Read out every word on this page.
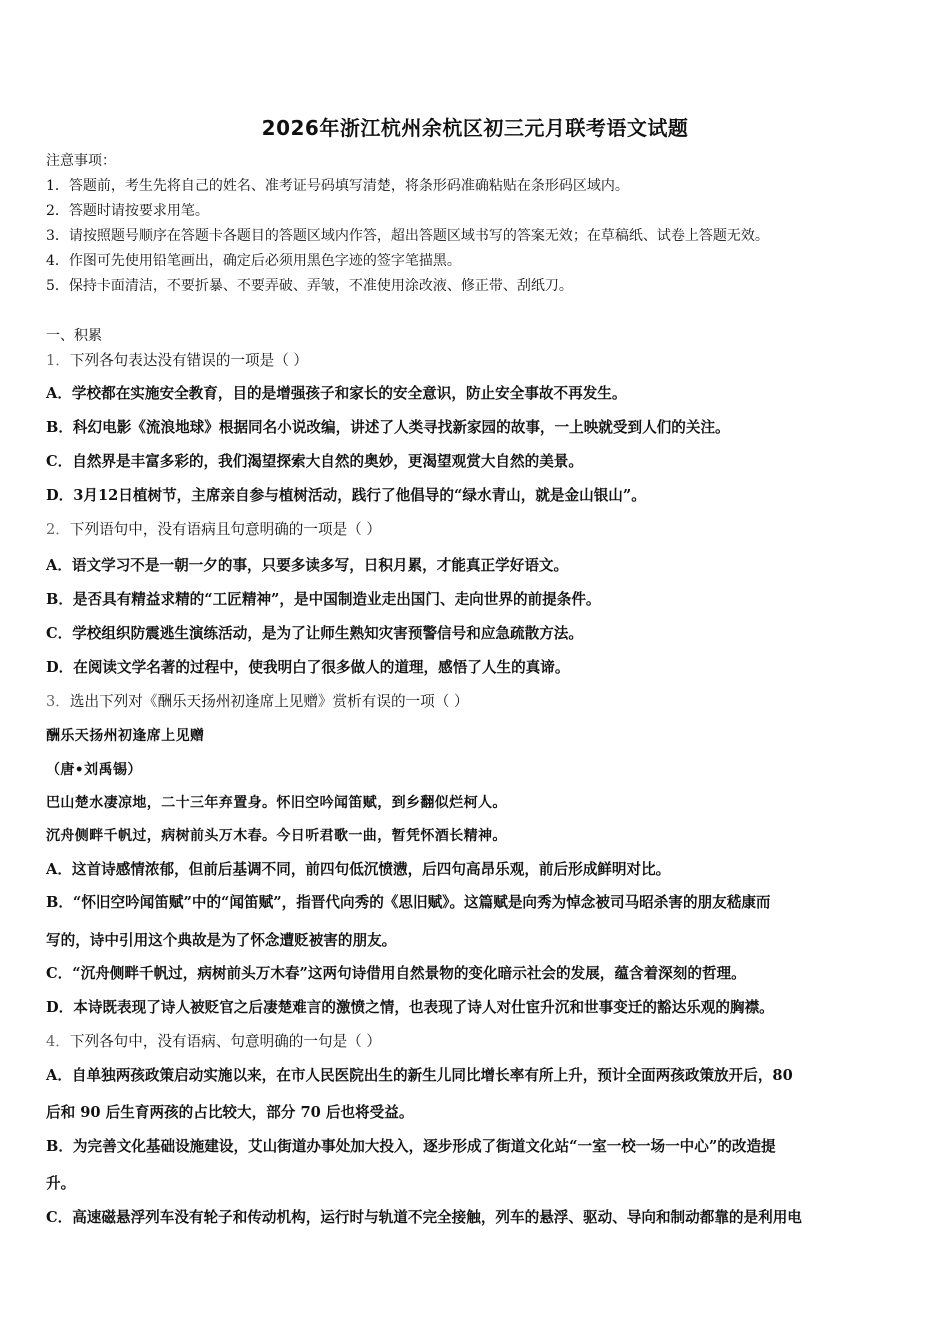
2026年浙江杭州余杭区初三元月联考语文试题
注意事项：
1．答题前，考生先将自己的姓名、准考证号码填写清楚，将条形码准确粘贴在条形码区域内。
2．答题时请按要求用笔。
3．请按照题号顺序在答题卡各题目的答题区域内作答，超出答题区域书写的答案无效；在草稿纸、试卷上答题无效。
4．作图可先使用铅笔画出，确定后必须用黑色字迹的签字笔描黑。
5．保持卡面清洁，不要折暴、不要弄破、弄皱，不准使用涂改液、修正带、刮纸刀。
一、积累
1．下列各句表达没有错误的一项是（ ）
A．学校都在实施安全教育，目的是增强孩子和家长的安全意识，防止安全事故不再发生。
B．科幻电影《流浪地球》根据同名小说改编，讲述了人类寻找新家园的故事，一上映就受到人们的关注。
C．自然界是丰富多彩的，我们渴望探索大自然的奥妙，更渴望观赏大自然的美景。
D．3月12日植树节，主席亲自参与植树活动，践行了他倡导的“绿水青山，就是金山银山”。
2．下列语句中，没有语病且句意明确的一项是（ ）
A．语文学习不是一朝一夕的事，只要多读多写，日积月累，才能真正学好语文。
B．是否具有精益求精的“工匠精神”，是中国制造业走出国门、走向世界的前提条件。
C．学校组织防震逃生演练活动，是为了让师生熟知灾害预警信号和应急疏散方法。
D．在阅读文学名著的过程中，使我明白了很多做人的道理，感悟了人生的真谛。
3．选出下列对《酬乐天扬州初逢席上见赠》赏析有误的一项（ ）
酬乐天扬州初逢席上见赠
（唐•刘禹锡）
巴山楚水凄凉地，二十三年弃置身。怀旧空吟闻笛赋，到乡翻似烂柯人。
沉舟侧畔千帆过，病树前头万木春。今日听君歌一曲，暂凭怀酒长精神。
A．这首诗感情浓郁，但前后基调不同，前四句低沉愤懑，后四句高昂乐观，前后形成鲜明对比。
B．“怀旧空吟闻笛赋”中的“闻笛赋”，指晋代向秀的《思旧赋》。这篇赋是向秀为悼念被司马昭杀害的朋友嵇康而
写的，诗中引用这个典故是为了怀念遭贬被害的朋友。
C．“沉舟侧畔千帆过，病树前头万木春”这两句诗借用自然景物的变化暗示社会的发展，蕴含着深刻的哲理。
D．本诗既表现了诗人被贬官之后凄楚难言的激愤之情，也表现了诗人对仕宦升沉和世事变迁的豁达乐观的胸襟。
4．下列各句中，没有语病、句意明确的一句是（ ）
A．自单独两孩政策启动实施以来，在市人民医院出生的新生儿同比增长率有所上升，预计全面两孩政策放开后，80
后和 90 后生育两孩的占比较大，部分 70 后也将受益。
B．为完善文化基础设施建设，艾山街道办事处加大投入，逐步形成了街道文化站“一室一校一场一中心”的改造提
升。
C．高速磁悬浮列车没有轮子和传动机构，运行时与轨道不完全接触，列车的悬浮、驱动、导向和制动都靠的是利用电
